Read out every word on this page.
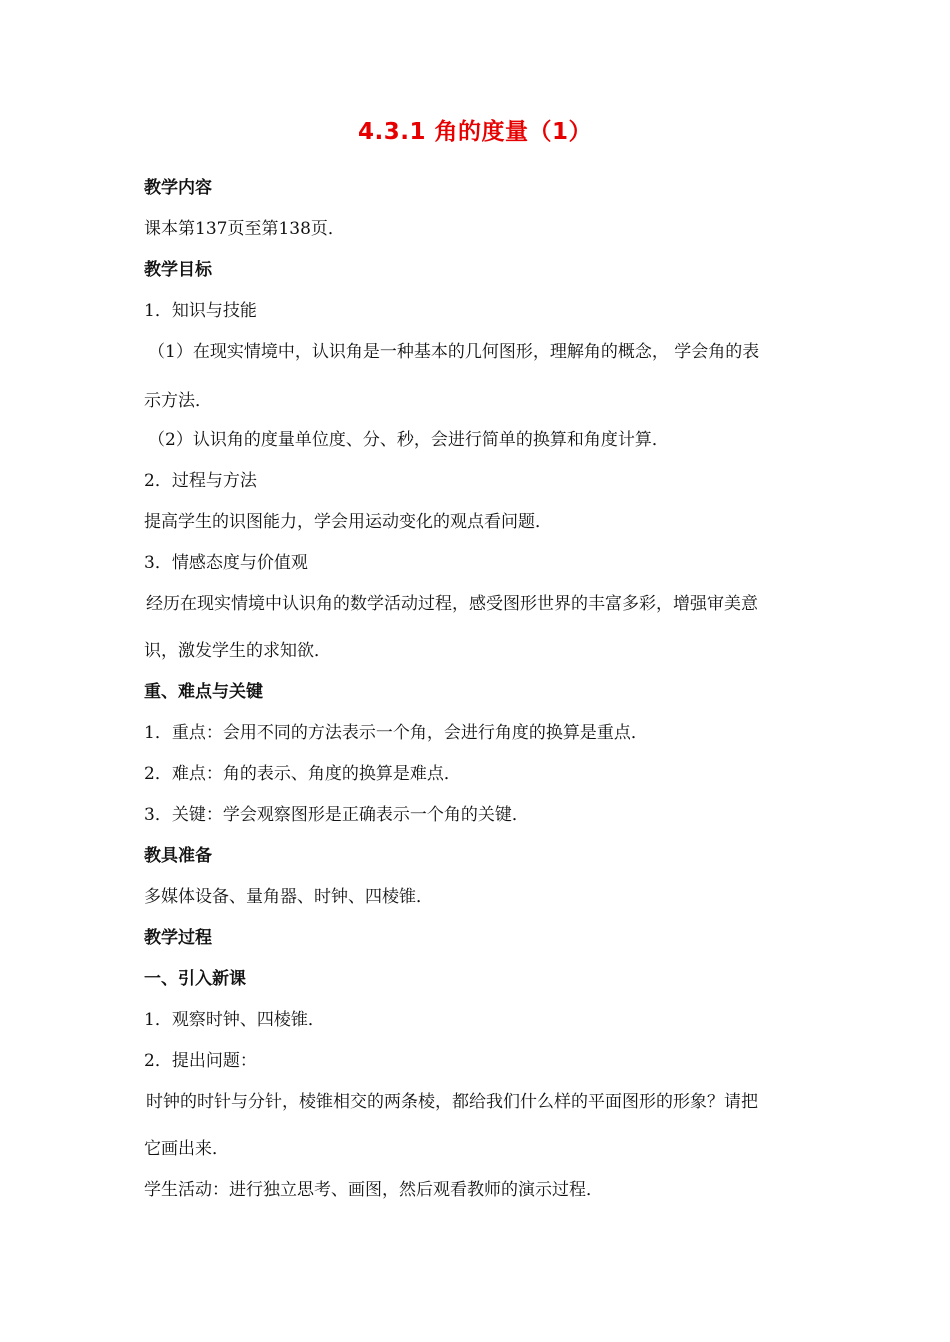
4.3.1 角的度量（1）
教学内容
课本第137页至第138页．
教学目标
1．知识与技能
（1）在现实情境中，认识角是一种基本的几何图形，理解角的概念， 学会角的表
示方法．
（2）认识角的度量单位度、分、秒，会进行简单的换算和角度计算．
2．过程与方法
提高学生的识图能力，学会用运动变化的观点看问题．
3．情感态度与价值观
经历在现实情境中认识角的数学活动过程，感受图形世界的丰富多彩，增强审美意
识，激发学生的求知欲．
重、难点与关键
1．重点：会用不同的方法表示一个角，会进行角度的换算是重点．
2．难点：角的表示、角度的换算是难点．
3．关键：学会观察图形是正确表示一个角的关键．
教具准备
多媒体设备、量角器、时钟、四棱锥．
教学过程
一、引入新课
1．观察时钟、四棱锥．
2．提出问题：
时钟的时针与分针，棱锥相交的两条棱，都给我们什么样的平面图形的形象？请把
它画出来．
学生活动：进行独立思考、画图，然后观看教师的演示过程．
